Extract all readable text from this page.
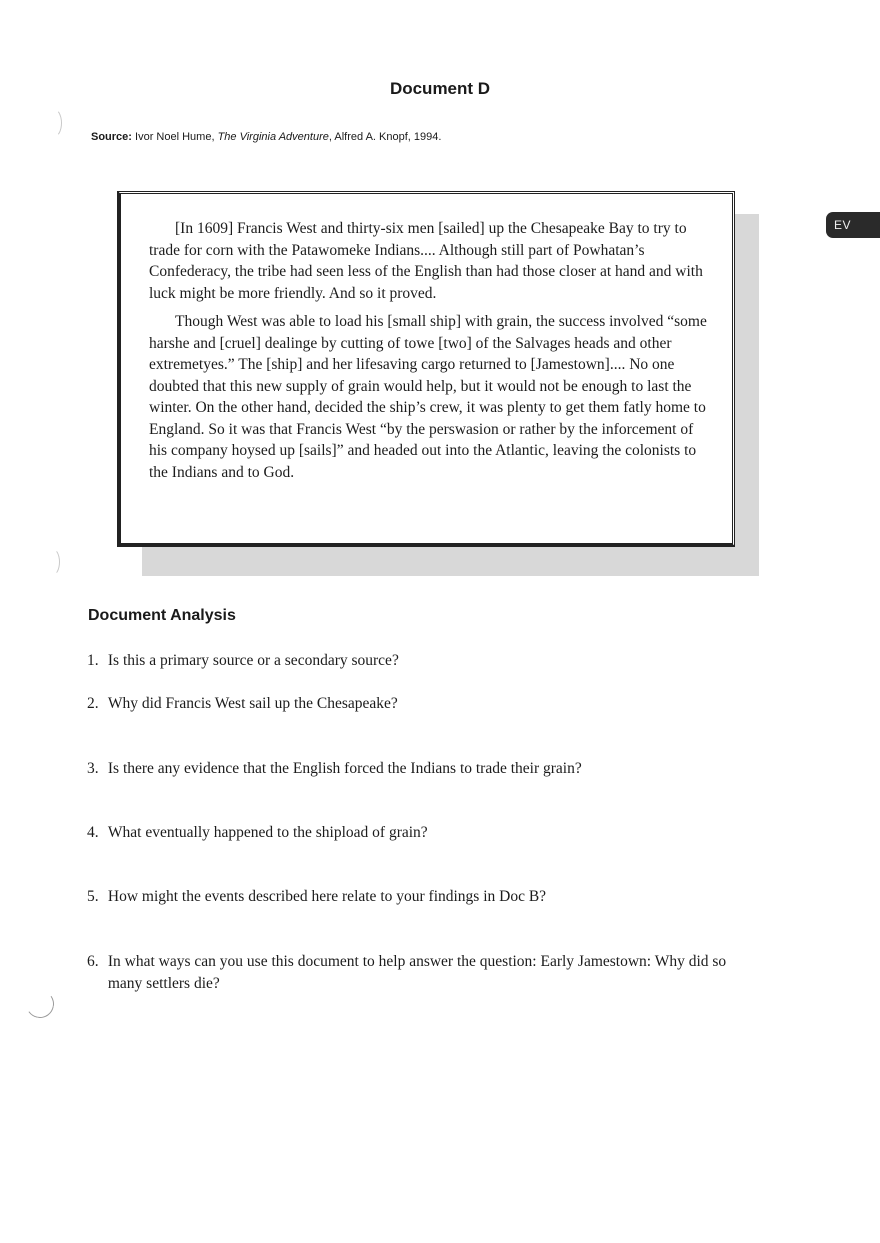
Document D
Source: Ivor Noel Hume, The Virginia Adventure, Alfred A. Knopf, 1994.

[In 1609] Francis West and thirty-six men [sailed] up the Chesapeake Bay to try to trade for corn with the Patawomeke Indians.... Although still part of Powhatan’s Confederacy, the tribe had seen less of the English than had those closer at hand and with luck might be more friendly. And so it proved.

Though West was able to load his [small ship] with grain, the success involved “some harshe and [cruel] dealinge by cutting of towe [two] of the Salvages heads and other extremetyes.” The [ship] and her lifesaving cargo returned to [Jamestown].... No one doubted that this new supply of grain would help, but it would not be enough to last the winter. On the other hand, decided the ship’s crew, it was plenty to get them fatly home to England. So it was that Francis West “by the perswasion or rather by the inforcement of his company hoysed up [sails]” and headed out into the Atlantic, leaving the colonists to the Indians and to God.

EV
Document Analysis
1. Is this a primary source or a secondary source?
2. Why did Francis West sail up the Chesapeake?
3. Is there any evidence that the English forced the Indians to trade their grain?
4. What eventually happened to the shipload of grain?
5. How might the events described here relate to your findings in Doc B?
6. In what ways can you use this document to help answer the question: Early Jamestown: Why did so many settlers die?
